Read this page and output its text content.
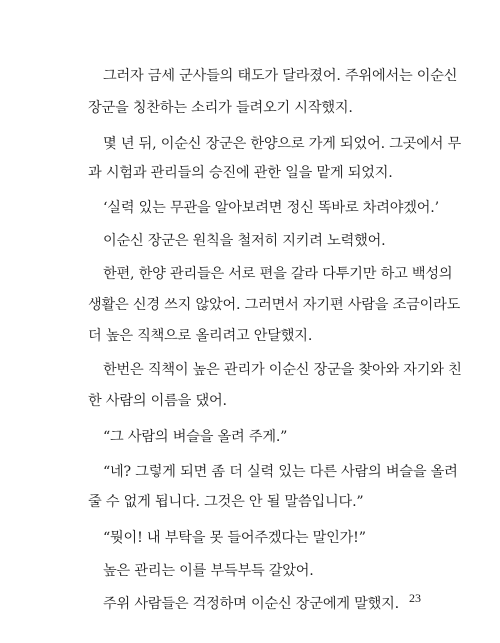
그러자 금세 군사들의 태도가 달라졌어. 주위에서는 이순신
장군을 칭찬하는 소리가 들려오기 시작했지.
몇 년 뒤, 이순신 장군은 한양으로 가게 되었어. 그곳에서 무
과 시험과 관리들의 승진에 관한 일을 맡게 되었지.
‘실력 있는 무관을 알아보려면 정신 똑바로 차려야겠어.’
이순신 장군은 원칙을 철저히 지키려 노력했어.
한편, 한양 관리들은 서로 편을 갈라 다투기만 하고 백성의
생활은 신경 쓰지 않았어. 그러면서 자기편 사람을 조금이라도
더 높은 직책으로 올리려고 안달했지.
한번은 직책이 높은 관리가 이순신 장군을 찾아와 자기와 친
한 사람의 이름을 댔어.
“그 사람의 벼슬을 올려 주게.”
“네? 그렇게 되면 좀 더 실력 있는 다른 사람의 벼슬을 올려
줄 수 없게 됩니다. 그것은 안 될 말씀입니다.”
“뭣이! 내 부탁을 못 들어주겠다는 말인가!”
높은 관리는 이를 부득부득 갈았어.
주위 사람들은 걱정하며 이순신 장군에게 말했지. 23
